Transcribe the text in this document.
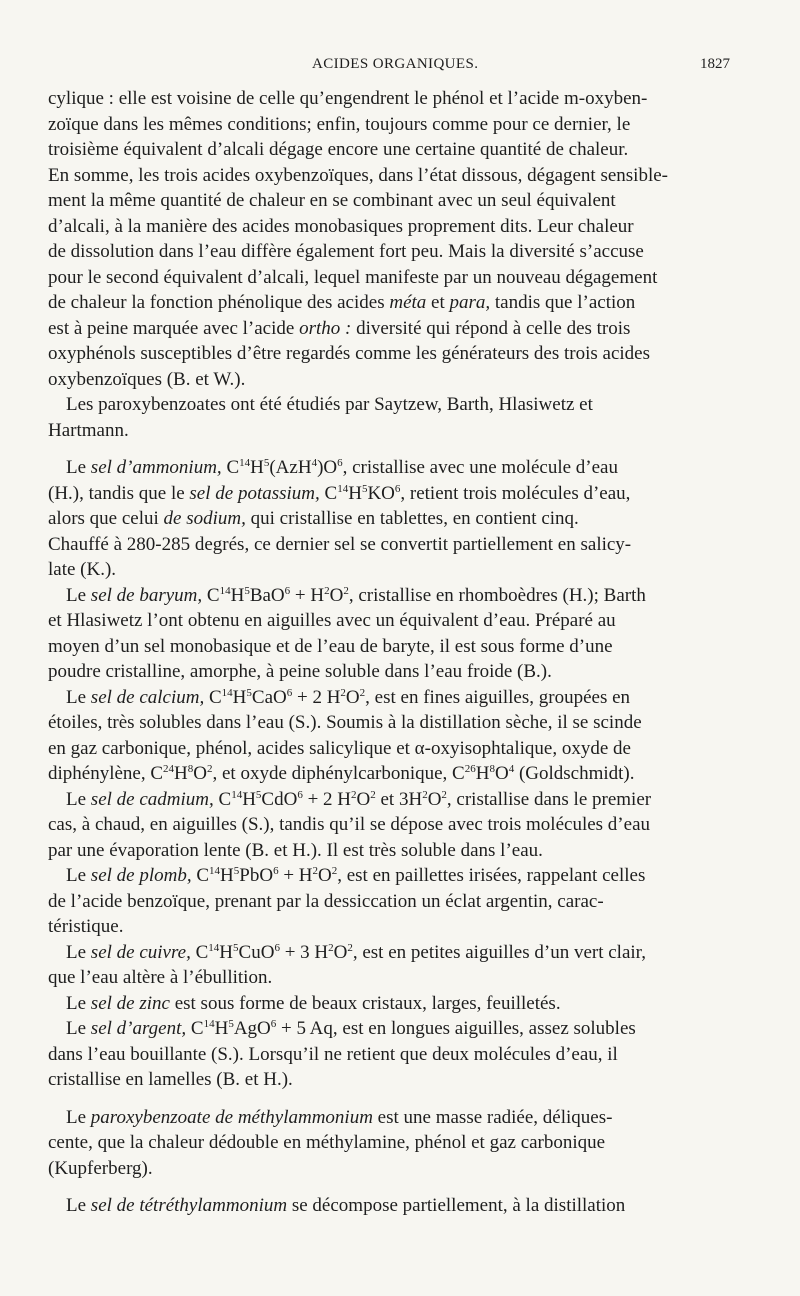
ACIDES ORGANIQUES.	1827
cylique : elle est voisine de celle qu’engendrent le phénol et l’acide m-oxyben-
zoïque dans les mêmes conditions; enfin, toujours comme pour ce dernier, le
troisième équivalent d’alcali dégage encore une certaine quantité de chaleur.
En somme, les trois acides oxybenzoïques, dans l’état dissous, dégagent sensible-
ment la même quantité de chaleur en se combinant avec un seul équivalent
d’alcali, à la manière des acides monobasiques proprement dits. Leur chaleur
de dissolution dans l’eau diffère également fort peu. Mais la diversité s’accuse
pour le second équivalent d’alcali, lequel manifeste par un nouveau dégagement
de chaleur la fonction phénolique des acides méta et para, tandis que l’action
est à peine marquée avec l’acide ortho : diversité qui répond à celle des trois
oxyphénols susceptibles d’être regardés comme les générateurs des trois acides
oxybenzoïques (B. et W.).
Les paroxybenzoates ont été étudiés par Saytzew, Barth, Hlasiwetz et
Hartmann.
Le sel d’ammonium, $C^{14}H^5(AzH^4)O^6$, cristallise avec une molécule d’eau
(H.), tandis que le sel de potassium, $C^{14}H^5KO^6$, retient trois molécules d’eau,
alors que celui de sodium, qui cristallise en tablettes, en contient cinq.
Chauffé à 280-285 degrés, ce dernier sel se convertit partiellement en salicy-
late (K.).
Le sel de baryum, $C^{14}H^5BaO^6 + H^2O^2$, cristallise en rhomboèdres (H.); Barth
et Hlasiwetz l’ont obtenu en aiguilles avec un équivalent d’eau. Préparé au
moyen d’un sel monobasique et de l’eau de baryte, il est sous forme d’une
poudre cristalline, amorphe, à peine soluble dans l’eau froide (B.).
Le sel de calcium, $C^{14}H^5CaO^6 + 2$ $H^2O^2$, est en fines aiguilles, groupées en
étoiles, très solubles dans l’eau (S.). Soumis à la distillation sèche, il se scinde
en gaz carbonique, phénol, acides salicylique et α-oxyisophtalique, oxyde de
diphénylène, $C^{24}H^8O^2$, et oxyde diphénylcarbonique, $C^{26}H^8O^4$ (Goldschmidt).
Le sel de cadmium, $C^{14}H^5CdO^6 + 2$ $H^2O^2$ et $3H^2O^2$, cristallise dans le premier
cas, à chaud, en aiguilles (S.), tandis qu’il se dépose avec trois molécules d’eau
par une évaporation lente (B. et H.). Il est très soluble dans l’eau.
Le sel de plomb, $C^{14}H^5PbO^6 + H^2O^2$, est en paillettes irisées, rappelant celles
de l’acide benzoïque, prenant par la dessiccation un éclat argentin, carac-
téristique.
Le sel de cuivre, $C^{14}H^5CuO^6 + 3$ $H^2O^2$, est en petites aiguilles d’un vert clair,
que l’eau altère à l’ébullition.
Le sel de zinc est sous forme de beaux cristaux, larges, feuilletés.
Le sel d’argent, $C^{14}H^5AgO^6 + 5$ Aq, est en longues aiguilles, assez solubles
dans l’eau bouillante (S.). Lorsqu’il ne retient que deux molécules d’eau, il
cristallise en lamelles (B. et H.).
Le paroxybenzoate de méthylammonium est une masse radiée, déliques-
cente, que la chaleur dédouble en méthylamine, phénol et gaz carbonique
(Kupferberg).
Le sel de tétréthylammonium se décompose partiellement, à la distillation
